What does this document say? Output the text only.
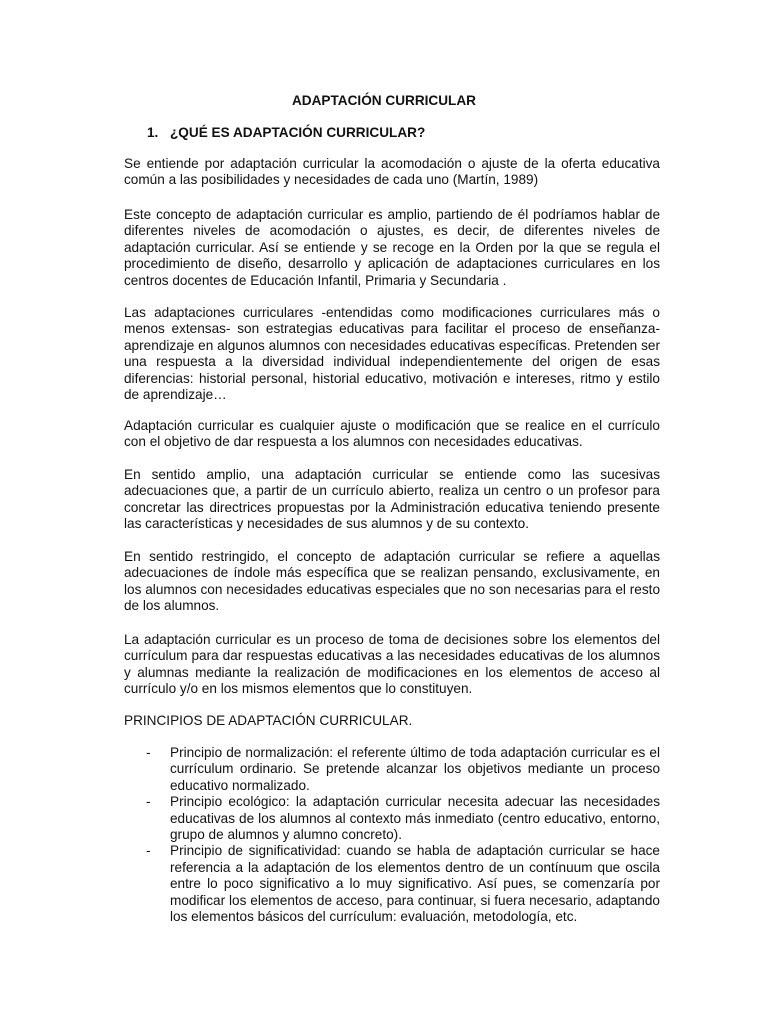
ADAPTACIÓN CURRICULAR
1. ¿QUÉ ES ADAPTACIÓN CURRICULAR?

Se entiende por adaptación curricular la acomodación o ajuste de la oferta educativa común a las posibilidades y necesidades de cada uno (Martín, 1989)

Este concepto de adaptación curricular es amplio, partiendo de él podríamos hablar de diferentes niveles de acomodación o ajustes, es decir, de diferentes niveles de adaptación curricular. Así se entiende y se recoge en la Orden por la que se regula el procedimiento de diseño, desarrollo y aplicación de adaptaciones curriculares en los centros docentes de Educación Infantil, Primaria y Secundaria .

Las adaptaciones curriculares -entendidas como modificaciones curriculares más o menos extensas- son estrategias educativas para facilitar el proceso de enseñanza-aprendizaje en algunos alumnos con necesidades educativas específicas. Pretenden ser una respuesta a la diversidad individual independientemente del origen de esas diferencias: historial personal, historial educativo, motivación e intereses, ritmo y estilo de aprendizaje…

Adaptación curricular es cualquier ajuste o modificación que se realice en el currículo con el objetivo de dar respuesta a los alumnos con necesidades educativas.

En sentido amplio, una adaptación curricular se entiende como las sucesivas adecuaciones que, a partir de un currículo abierto, realiza un centro o un profesor para concretar las directrices propuestas por la Administración educativa teniendo presente las características y necesidades de sus alumnos y de su contexto.

En sentido restringido, el concepto de adaptación curricular se refiere a aquellas adecuaciones de índole más específica que se realizan pensando, exclusivamente, en los alumnos con necesidades educativas especiales que no son necesarias para el resto de los alumnos.

La adaptación curricular es un proceso de toma de decisiones sobre los elementos del currículum para dar respuestas educativas a las necesidades educativas de los alumnos y alumnas mediante la realización de modificaciones en los elementos de acceso al currículo y/o en los mismos elementos que lo constituyen.

PRINCIPIOS DE ADAPTACIÓN CURRICULAR.

- Principio de normalización: el referente último de toda adaptación curricular es el currículum ordinario. Se pretende alcanzar los objetivos mediante un proceso educativo normalizado.
- Principio ecológico: la adaptación curricular necesita adecuar las necesidades educativas de los alumnos al contexto más inmediato (centro educativo, entorno, grupo de alumnos y alumno concreto).
- Principio de significatividad: cuando se habla de adaptación curricular se hace referencia a la adaptación de los elementos dentro de un contínuum que oscila entre lo poco significativo a lo muy significativo. Así pues, se comenzaría por modificar los elementos de acceso, para continuar, si fuera necesario, adaptando los elementos básicos del currículum: evaluación, metodología, etc.
